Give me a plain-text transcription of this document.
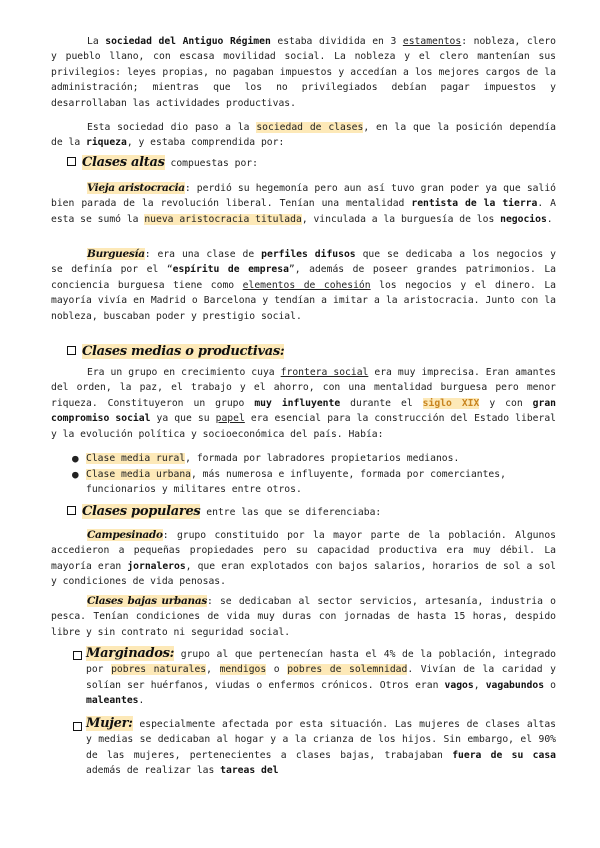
La sociedad del Antiguo Régimen estaba dividida en 3 estamentos: nobleza, clero y pueblo llano, con escasa movilidad social. La nobleza y el clero mantenían sus privilegios: leyes propias, no pagaban impuestos y accedían a los mejores cargos de la administración; mientras que los no privilegiados debían pagar impuestos y desarrollaban las actividades productivas.

Esta sociedad dio paso a la sociedad de clases, en la que la posición dependía de la riqueza, y estaba comprendida por:

Clases altas compuestas por:

Vieja aristocracia: perdió su hegemonía pero aun así tuvo gran poder ya que salió bien parada de la revolución liberal. Tenían una mentalidad rentista de la tierra. A esta se sumó la nueva aristocracia titulada, vinculada a la burguesía de los negocios.

Burguesía: era una clase de perfiles difusos que se dedicaba a los negocios y se definía por el “espíritu de empresa”, además de poseer grandes patrimonios. La conciencia burguesa tiene como elementos de cohesión los negocios y el dinero. La mayoría vivía en Madrid o Barcelona y tendían a imitar a la aristocracia. Junto con la nobleza, buscaban poder y prestigio social.

Clases medias o productivas:

Era un grupo en crecimiento cuya frontera social era muy imprecisa. Eran amantes del orden, la paz, el trabajo y el ahorro, con una mentalidad burguesa pero menor riqueza. Constituyeron un grupo muy influyente durante el siglo XIX y con gran compromiso social ya que su papel era esencial para la construcción del Estado liberal y la evolución política y socioeconómica del país. Había:

● Clase media rural, formada por labradores propietarios medianos.
● Clase media urbana, más numerosa e influyente, formada por comerciantes, funcionarios y militares entre otros.
Clases populares entre las que se diferenciaba:

Campesinado: grupo constituido por la mayor parte de la población. Algunos accedieron a pequeñas propiedades pero su capacidad productiva era muy débil. La mayoría eran jornaleros, que eran explotados con bajos salarios, horarios de sol a sol y condiciones de vida penosas.

Clases bajas urbanas: se dedicaban al sector servicios, artesanía, industria o pesca. Tenían condiciones de vida muy duras con jornadas de hasta 15 horas, despido libre y sin contrato ni seguridad social.

Marginados: grupo al que pertenecían hasta el 4% de la población, integrado por pobres naturales, mendigos o pobres de solemnidad. Vivían de la caridad y solían ser huérfanos, viudas o enfermos crónicos. Otros eran vagos, vagabundos o maleantes.

Mujer: especialmente afectada por esta situación. Las mujeres de clases altas y medias se dedicaban al hogar y a la crianza de los hijos. Sin embargo, el 90% de las mujeres, pertenecientes a clases bajas, trabajaban fuera de su casa además de realizar las tareas del
